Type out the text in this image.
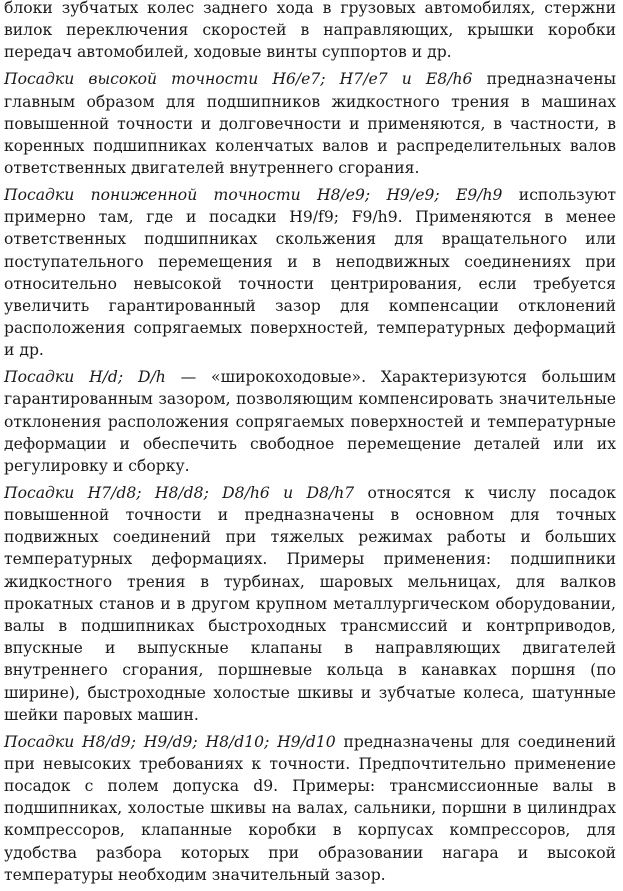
блоки зубчатых колес заднего хода в грузовых автомобилях, стержни вилок переключения скоростей в направляющих, крышки коробки передач автомобилей, ходовые винты суппортов и др.

Посадки высокой точности H6/e7; H7/e7 и E8/h6 предназначены главным образом для подшипников жидкостного трения в машинах повышенной точности и долговечности и применяются, в частности, в коренных подшипниках коленчатых валов и распределительных валов ответственных двигателей внутреннего сгорания.

Посадки пониженной точности H8/e9; H9/e9; E9/h9 используют примерно там, где и посадки H9/f9; F9/h9. Применяются в менее ответственных подшипниках скольжения для вращательного или поступательного перемещения и в неподвижных соединениях при относительно невысокой точности центрирования, если требуется увеличить гарантированный зазор для компенсации отклонений расположения сопрягаемых поверхностей, температурных деформаций и др.

Посадки H/d; D/h — «широкоходовые». Характеризуются большим гарантированным зазором, позволяющим компенсировать значительные отклонения расположения сопрягаемых поверхностей и температурные деформации и обеспечить свободное перемещение деталей или их регулировку и сборку.

Посадки H7/d8; H8/d8; D8/h6 и D8/h7 относятся к числу посадок повышенной точности и предназначены в основном для точных подвижных соединений при тяжелых режимах работы и больших температурных деформациях. Примеры применения: подшипники жидкостного трения в турбинах, шаровых мельницах, для валков прокатных станов и в другом крупном металлургическом оборудовании, валы в подшипниках быстроходных трансмиссий и контрприводов, впускные и выпускные клапаны в направляющих двигателей внутреннего сгорания, поршневые кольца в канавках поршня (по ширине), быстроходные холостые шкивы и зубчатые колеса, шатунные шейки паровых машин.

Посадки H8/d9; H9/d9; H8/d10; H9/d10 предназначены для соединений при невысоких требованиях к точности. Предпочтительно применение посадок с полем допуска d9. Примеры: трансмиссионные валы в подшипниках, холостые шкивы на валах, сальники, поршни в цилиндрах компрессоров, клапанные коробки в корпусах компрессоров, для удобства разбора которых при образовании нагара и высокой температуры необходим значительный зазор.
